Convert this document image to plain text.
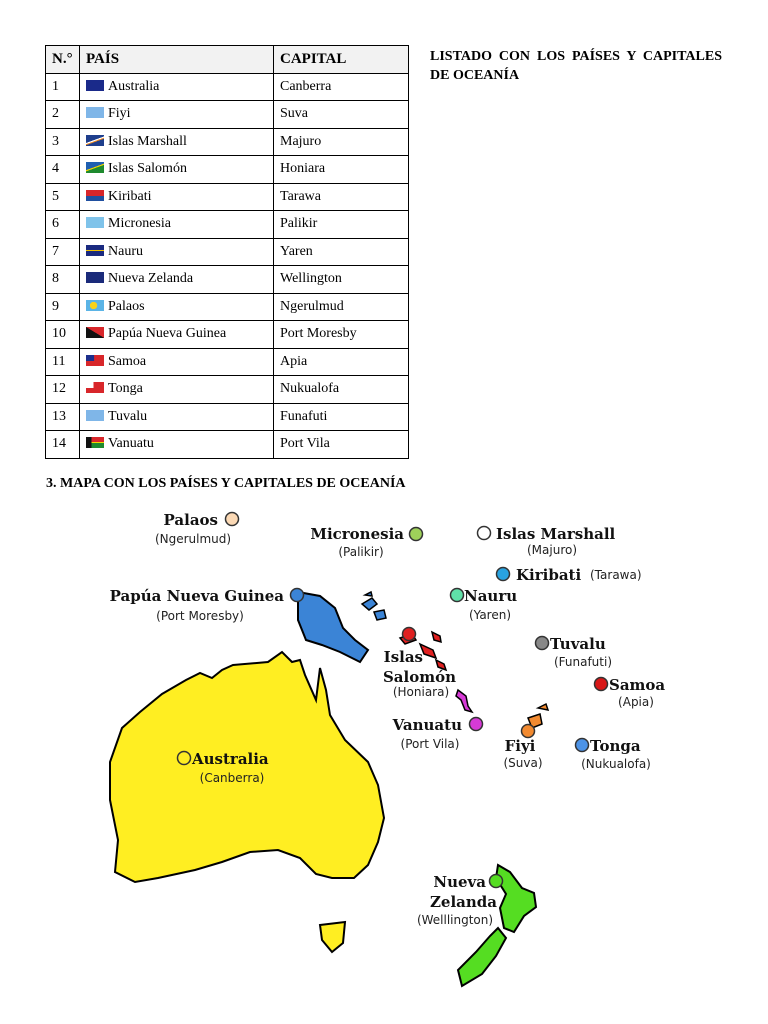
N.°	PAÍS	CAPITAL
1	Australia	Canberra
2	Fiyi	Suva
3	Islas Marshall	Majuro
4	Islas Salomón	Honiara
5	Kiribati	Tarawa
6	Micronesia	Palikir
7	Nauru	Yaren
8	Nueva Zelanda	Wellington
9	Palaos	Ngerulmud
10	Papúa Nueva Guinea	Port Moresby
11	Samoa	Apia
12	Tonga	Nukualofa
13	Tuvalu	Funafuti
14	Vanuatu	Port Vila
LISTADO CON LOS PAÍSES Y CAPITALES DE OCEANÍA
3. MAPA CON LOS PAÍSES Y CAPITALES DE OCEANÍA
Palaos
(Ngerulmud)	Micronesia
(Palikir)
Islas Marshall
(Majuro)
Kiribati (Tarawa)
Papúa Nueva Guinea
(Port Moresby)
Nauru
(Yaren)
Islas
Salomón
(Honiara)
Tuvalu
(Funafuti)
Samoa
(Apia)
Vanuatu
(Port Vila)
Australia
(Canberra)
Fiyi
(Suva)
Tonga
(Nukualofa)
Nueva
Zelanda
(Welllington)
